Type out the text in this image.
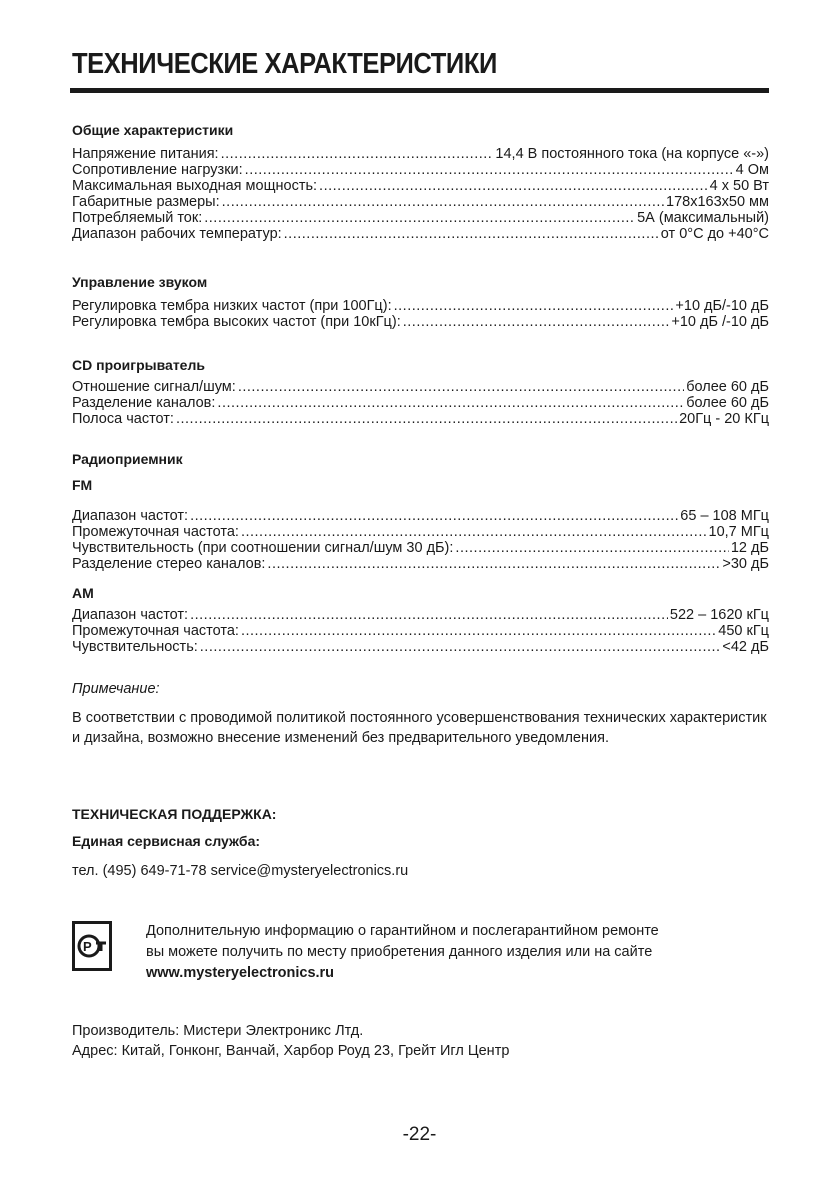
ТЕХНИЧЕСКИЕ ХАРАКТЕРИСТИКИ
Общие характеристики
Напряжение питания: .....	14,4 В постоянного тока (на корпусе «-»)
Сопротивление нагрузки: .....	4 Ом
Максимальная выходная мощность: .....	4 х 50 Вт
Габаритные размеры: .....	178х163х50 мм
Потребляемый ток: .....	5А (максимальный)
Диапазон рабочих температур: .....	от 0°С до +40°С
Управление звуком
Регулировка тембра низких частот (при 100Гц): .....	+10 дБ/-10 дБ
Регулировка тембра высоких частот (при 10кГц): .....	+10 дБ /-10 дБ
CD проигрыватель
Отношение сигнал/шум: .....	более 60 дБ
Разделение каналов: .....	более 60 дБ
Полоса частот: .....	20Гц - 20 КГц
Радиоприемник
FM
Диапазон частот: .....	65 – 108 МГц
Промежуточная частота: .....	10,7 МГц
Чувствительность (при соотношении сигнал/шум 30 дБ): .....	12 дБ
Разделение стерео каналов: .....	>30 дБ
AM
Диапазон частот: .....	522 – 1620 кГц
Промежуточная частота: .....	450 кГц
Чувствительность: .....	<42 дБ
Примечание:
В соответствии с проводимой политикой постоянного усовершенствования технических характеристик и дизайна, возможно внесение изменений без предварительного уведомления.
ТЕХНИЧЕСКАЯ ПОДДЕРЖКА:
Единая сервисная служба:
тел. (495) 649-71-78 service@mysteryelectronics.ru
P
Дополнительную информацию о гарантийном и послегарантийном ремонте
вы можете получить по месту приобретения данного изделия или на сайте
www.mysteryelectronics.ru
Производитель: Мистери Электроникс Лтд.
Адрес: Китай, Гонконг, Ванчай, Харбор Роуд 23, Грейт Игл Центр
-22-
